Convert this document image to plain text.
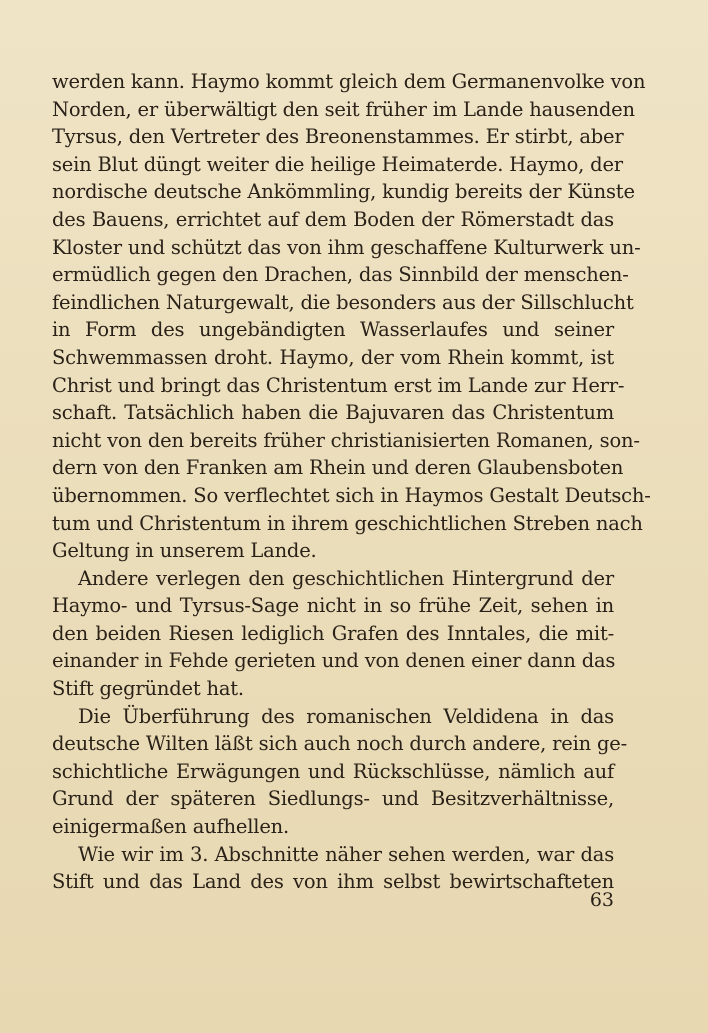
werden kann. Haymo kommt gleich dem Germanenvolke von
Norden, er überwältigt den seit früher im Lande hausenden
Tyrsus, den Vertreter des Breonenstammes. Er stirbt, aber
sein Blut düngt weiter die heilige Heimaterde. Haymo, der
nordische deutsche Ankömmling, kundig bereits der Künste
des Bauens, errichtet auf dem Boden der Römerstadt das
Kloster und schützt das von ihm geschaffene Kulturwerk un-
ermüdlich gegen den Drachen, das Sinnbild der menschen-
feindlichen Naturgewalt, die besonders aus der Sillschlucht
in Form des ungebändigten Wasserlaufes und seiner
Schwemmassen droht. Haymo, der vom Rhein kommt, ist
Christ und bringt das Christentum erst im Lande zur Herr-
schaft. Tatsächlich haben die Bajuvaren das Christentum
nicht von den bereits früher christianisierten Romanen, son-
dern von den Franken am Rhein und deren Glaubensboten
übernommen. So verflechtet sich in Haymos Gestalt Deutsch-
tum und Christentum in ihrem geschichtlichen Streben nach
Geltung in unserem Lande.
Andere verlegen den geschichtlichen Hintergrund der
Haymo- und Tyrsus-Sage nicht in so frühe Zeit, sehen in
den beiden Riesen lediglich Grafen des Inntales, die mit-
einander in Fehde gerieten und von denen einer dann das
Stift gegründet hat.
Die Überführung des romanischen Veldidena in das
deutsche Wilten läßt sich auch noch durch andere, rein ge-
schichtliche Erwägungen und Rückschlüsse, nämlich auf
Grund der späteren Siedlungs- und Besitzverhältnisse,
einigermaßen aufhellen.
Wie wir im 3. Abschnitte näher sehen werden, war das
Stift und das Land des von ihm selbst bewirtschafteten
63
